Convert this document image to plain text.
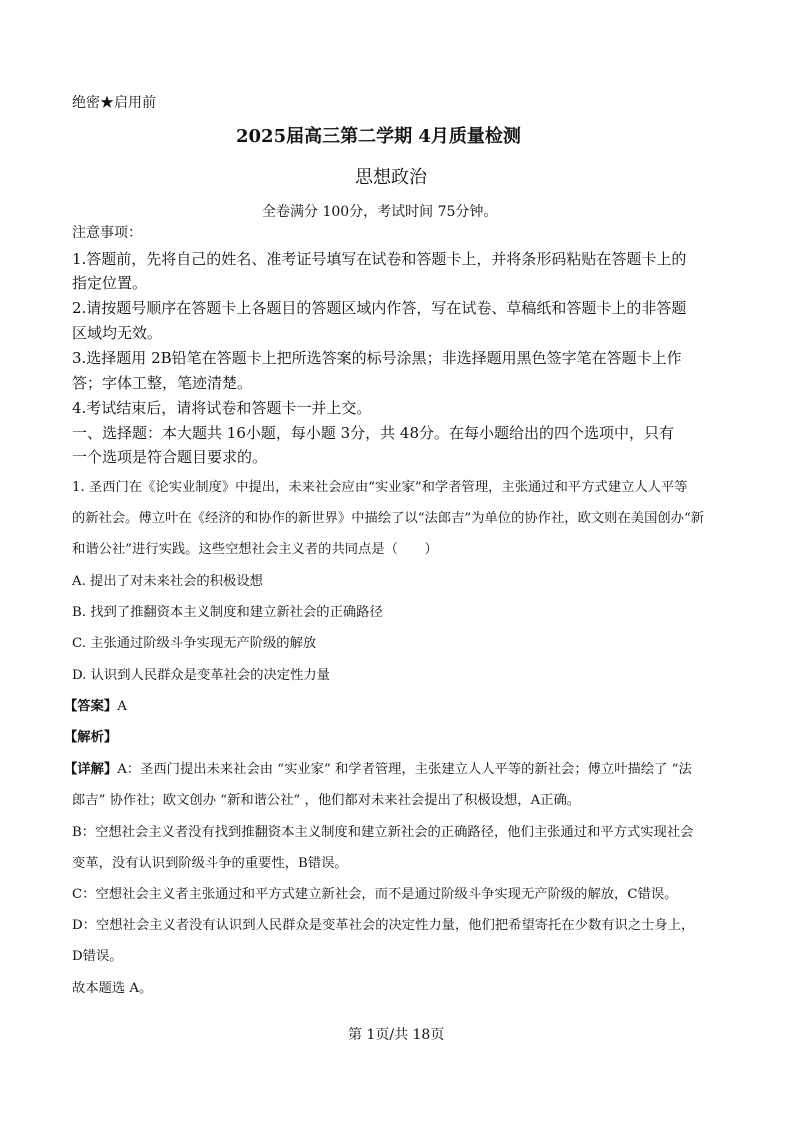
绝密★启用前
2025届高三第二学期 4月质量检测
思想政治
全卷满分 100分，考试时间 75分钟。
注意事项：
1.答题前，先将自己的姓名、准考证号填写在试卷和答题卡上，并将条形码粘贴在答题卡上的
指定位置。
2.请按题号顺序在答题卡上各题目的答题区域内作答，写在试卷、草稿纸和答题卡上的非答题
区域均无效。
3.选择题用 2B铅笔在答题卡上把所选答案的标号涂黑；非选择题用黑色签字笔在答题卡上作
答；字体工整，笔迹清楚。
4.考试结束后，请将试卷和答题卡一并上交。
一、选择题：本大题共 16小题，每小题 3分，共 48分。在每小题给出的四个选项中，只有
一个选项是符合题目要求的。
1. 圣西门在《论实业制度》中提出，未来社会应由“实业家”和学者管理，主张通过和平方式建立人人平等
的新社会。傅立叶在《经济的和协作的新世界》中描绘了以“法郎吉”为单位的协作社，欧文则在美国创办“新
和谐公社”进行实践。这些空想社会主义者的共同点是（　　）
A. 提出了对未来社会的积极设想
B. 找到了推翻资本主义制度和建立新社会的正确路径
C. 主张通过阶级斗争实现无产阶级的解放
D. 认识到人民群众是变革社会的决定性力量
【答案】A
【解析】
【详解】A：圣西门提出未来社会由 “实业家” 和学者管理，主张建立人人平等的新社会；傅立叶描绘了 “法
郎吉” 协作社；欧文创办 “新和谐公社” ，他们都对未来社会提出了积极设想，A正确。
B：空想社会主义者没有找到推翻资本主义制度和建立新社会的正确路径，他们主张通过和平方式实现社会
变革，没有认识到阶级斗争的重要性，B错误。
C：空想社会主义者主张通过和平方式建立新社会，而不是通过阶级斗争实现无产阶级的解放，C错误。
D：空想社会主义者没有认识到人民群众是变革社会的决定性力量，他们把希望寄托在少数有识之士身上，
D错误。
故本题选 A。
第 1页/共 18页
